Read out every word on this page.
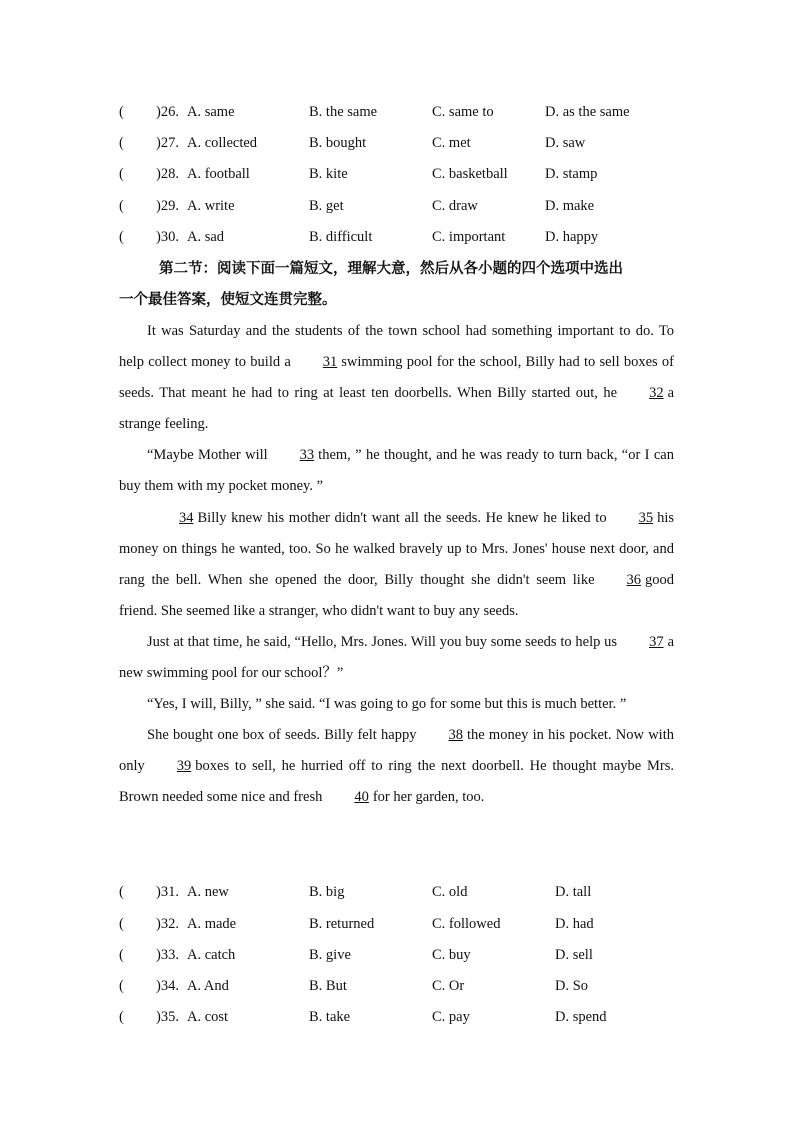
( )26. A. same	B. the same	C. same to	D. as the same
( )27. A. collected	B. bought	C. met	D. saw
( )28. A. football	B. kite	C. basketball	D. stamp
( )29. A. write	B. get	C. draw	D. make
( )30. A. sad	B. difficult	C. important	D. happy
第二节：阅读下面一篇短文，理解大意，然后从各小题的四个选项中选出
一个最佳答案，使短文连贯完整。

It was Saturday and the students of the town school had something important to do. To help collect money to build a 31 swimming pool for the school, Billy had to sell boxes of seeds. That meant he had to ring at least ten doorbells. When Billy started out, he 32 a strange feeling.

“Maybe Mother will 33 them, ” he thought, and he was ready to turn back, “or I can buy them with my pocket money. ”

34 Billy knew his mother didn't want all the seeds. He knew he liked to 35 his money on things he wanted, too. So he walked bravely up to Mrs. Jones' house next door, and rang the bell. When she opened the door, Billy thought she didn't seem like 36 good friend. She seemed like a stranger, who didn't want to buy any seeds.

Just at that time, he said, “Hello, Mrs. Jones. Will you buy some seeds to help us 37 a new swimming pool for our school？”

“Yes, I will, Billy, ” she said. “I was going to go for some but this is much better. ”

She bought one box of seeds. Billy felt happy 38 the money in his pocket. Now with only 39 boxes to sell, he hurried off to ring the next doorbell. He thought maybe Mrs. Brown needed some nice and fresh 40 for her garden, too.

( )31. A. new	B. big	C. old	D. tall
( )32. A. made	B. returned	C. followed	D. had
( )33. A. catch	B. give	C. buy	D. sell
( )34. A. And	B. But	C. Or	D. So
( )35. A. cost	B. take	C. pay	D. spend
